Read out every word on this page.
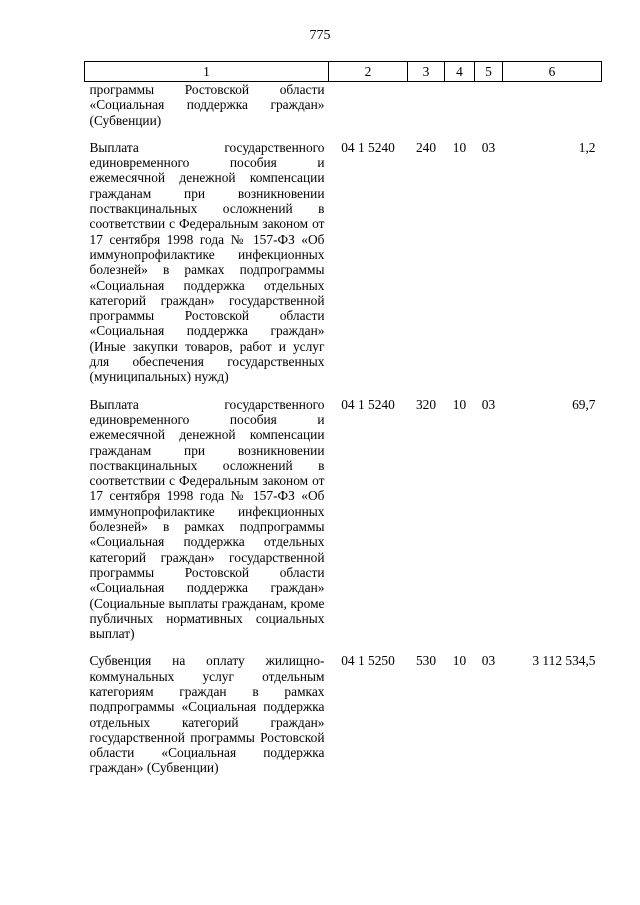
775
1	2	3	4	5	6
программы Ростовской области «Социальная поддержка граждан» (Субвенции)					
Выплата государственного единовременного пособия и ежемесячной денежной компенсации гражданам при возникновении поствакцинальных осложнений в соответствии с Федеральным законом от 17 сентября 1998 года № 157-ФЗ «Об иммунопрофилактике инфекционных болезней» в рамках подпрограммы «Социальная поддержка отдельных категорий граждан» государственной программы Ростовской области «Социальная поддержка граждан» (Иные закупки товаров, работ и услуг для обеспечения государственных (муниципальных) нужд)	04 1 5240	240	10	03	1,2
Выплата государственного единовременного пособия и ежемесячной денежной компенсации гражданам при возникновении поствакцинальных осложнений в соответствии с Федеральным законом от 17 сентября 1998 года № 157-ФЗ «Об иммунопрофилактике инфекционных болезней» в рамках подпрограммы «Социальная поддержка отдельных категорий граждан» государственной программы Ростовской области «Социальная поддержка граждан» (Социальные выплаты гражданам, кроме публичных нормативных социальных выплат)	04 1 5240	320	10	03	69,7
Субвенция на оплату жилищно-коммунальных услуг отдельным категориям граждан в рамках подпрограммы «Социальная поддержка отдельных категорий граждан» государственной программы Ростовской области «Социальная поддержка граждан» (Субвенции)	04 1 5250	530	10	03	3 112 534,5
